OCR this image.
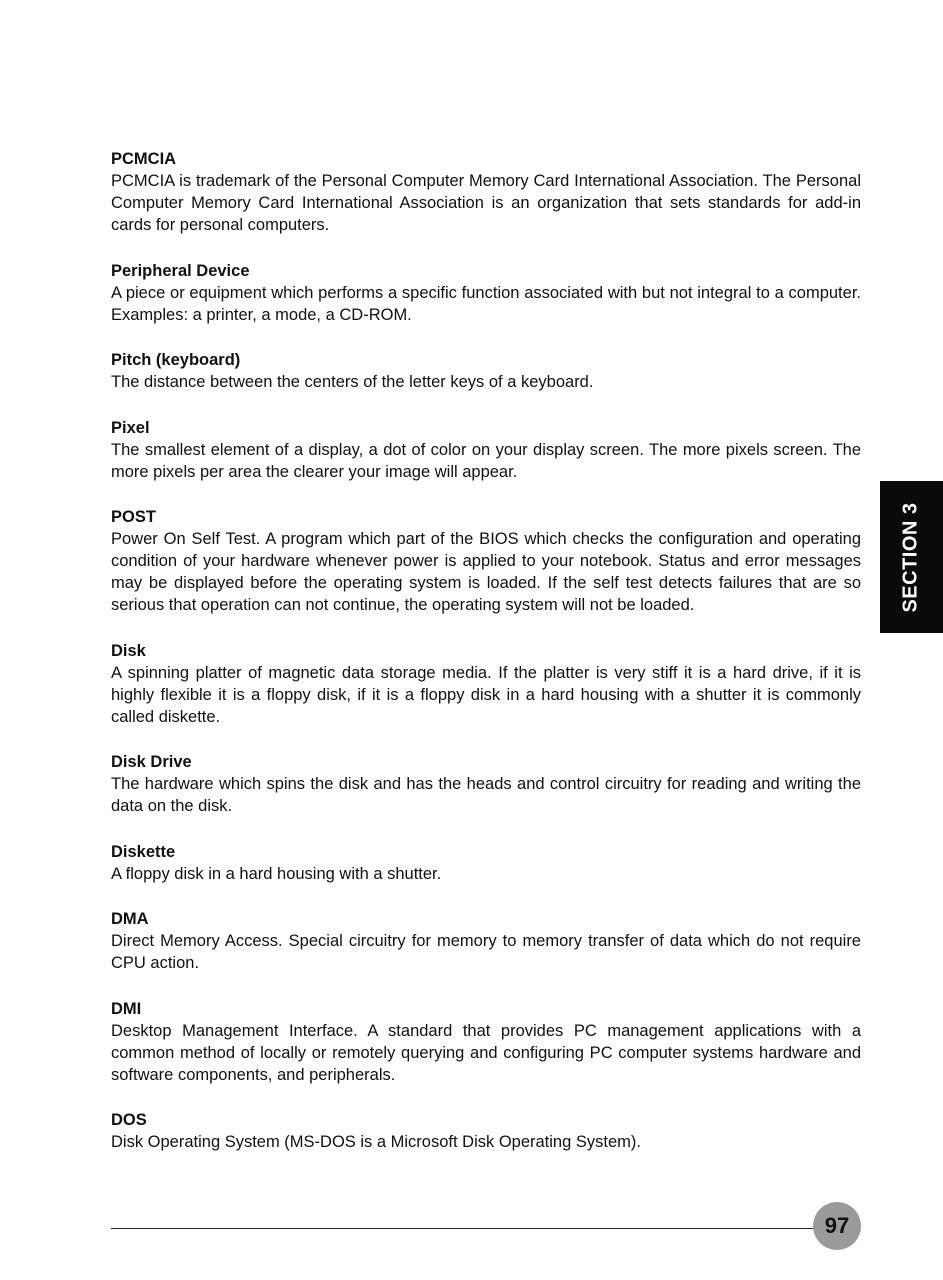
PCMCIA

PCMCIA is trademark of the Personal Computer Memory Card International Association. The Personal Computer Memory Card International Association is an organization that sets standards for add-in cards for personal computers.

Peripheral Device

A piece or equipment which performs a specific function associated with but not integral to a computer. Examples: a printer, a mode, a CD-ROM.

Pitch (keyboard)

The distance between the centers of the letter keys of a keyboard.

Pixel

The smallest element of a display, a dot of color on your display screen. The more pixels screen. The more pixels per area the clearer your image will appear.

POST

Power On Self Test. A program which part of the BIOS which checks the configuration and operating condition of your hardware whenever power is applied to your notebook. Status and error messages may be displayed before the operating system is loaded. If the self test detects failures that are so serious that operation can not continue, the operating system will not be loaded.

Disk

A spinning platter of magnetic data storage media. If the platter is very stiff it is a hard drive, if it is highly flexible it is a floppy disk, if it is a floppy disk in a hard housing with a shutter it is commonly called diskette.

Disk Drive

The hardware which spins the disk and has the heads and control circuitry for reading and writing the data on the disk.

Diskette

A floppy disk in a hard housing with a shutter.

DMA

Direct Memory Access. Special circuitry for memory to memory transfer of data which do not require CPU action.

DMI

Desktop Management Interface. A standard that provides PC management applications with a common method of locally or remotely querying and configuring PC computer systems hardware and software components, and peripherals.

DOS

Disk Operating System (MS-DOS is a Microsoft Disk Operating System).

SECTION 3
97
